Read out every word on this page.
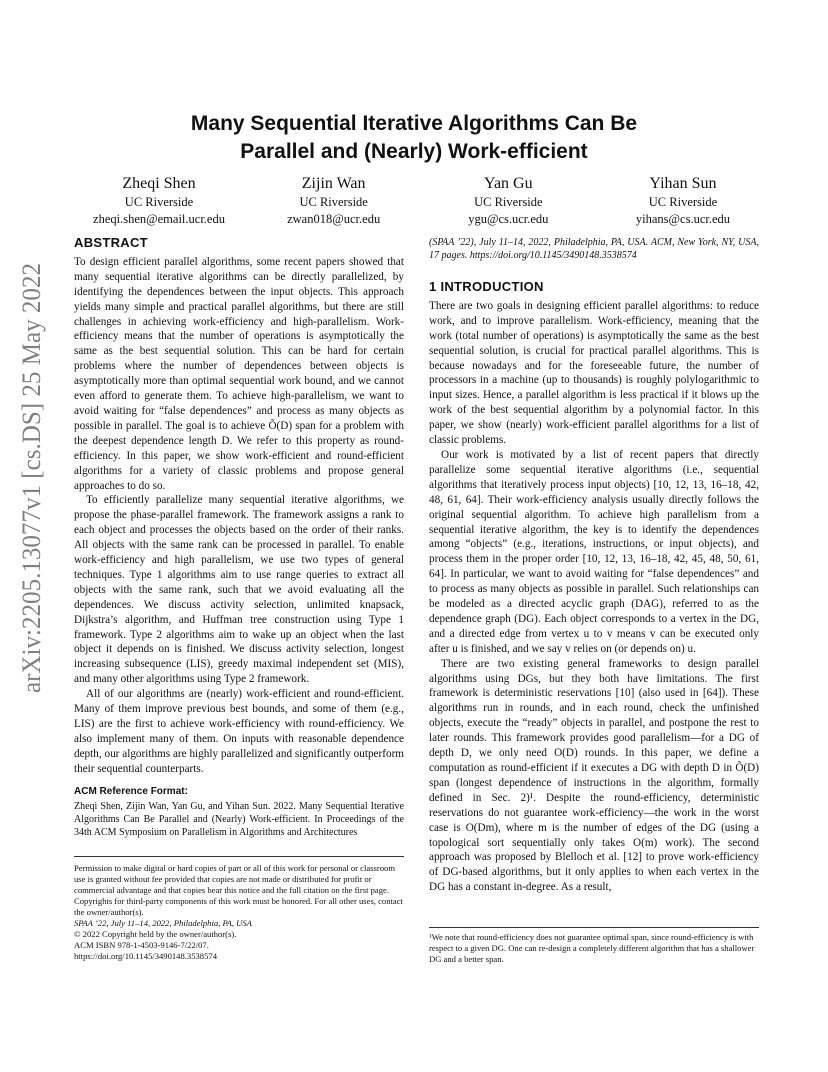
arXiv:2205.13077v1 [cs.DS] 25 May 2022
Many Sequential Iterative Algorithms Can Be
Parallel and (Nearly) Work-efficient
Zheqi Shen
UC Riverside
zheqi.shen@email.ucr.edu
Zijin Wan
UC Riverside
zwan018@ucr.edu
Yan Gu
UC Riverside
ygu@cs.ucr.edu
Yihan Sun
UC Riverside
yihans@cs.ucr.edu
ABSTRACT

To design efficient parallel algorithms, some recent papers showed that many sequential iterative algorithms can be directly parallelized, by identifying the dependences between the input objects. This approach yields many simple and practical parallel algorithms, but there are still challenges in achieving work-efficiency and high-parallelism. Work-efficiency means that the number of operations is asymptotically the same as the best sequential solution. This can be hard for certain problems where the number of dependences between objects is asymptotically more than optimal sequential work bound, and we cannot even afford to generate them. To achieve high-parallelism, we want to avoid waiting for “false dependences” and process as many objects as possible in parallel. The goal is to achieve Õ(D) span for a problem with the deepest dependence length D. We refer to this property as round-efficiency. In this paper, we show work-efficient and round-efficient algorithms for a variety of classic problems and propose general approaches to do so.

To efficiently parallelize many sequential iterative algorithms, we propose the phase-parallel framework. The framework assigns a rank to each object and processes the objects based on the order of their ranks. All objects with the same rank can be processed in parallel. To enable work-efficiency and high parallelism, we use two types of general techniques. Type 1 algorithms aim to use range queries to extract all objects with the same rank, such that we avoid evaluating all the dependences. We discuss activity selection, unlimited knapsack, Dijkstra’s algorithm, and Huffman tree construction using Type 1 framework. Type 2 algorithms aim to wake up an object when the last object it depends on is finished. We discuss activity selection, longest increasing subsequence (LIS), greedy maximal independent set (MIS), and many other algorithms using Type 2 framework.

All of our algorithms are (nearly) work-efficient and round-efficient. Many of them improve previous best bounds, and some of them (e.g., LIS) are the first to achieve work-efficiency with round-efficiency. We also implement many of them. On inputs with reasonable dependence depth, our algorithms are highly parallelized and significantly outperform their sequential counterparts.

ACM Reference Format:
Zheqi Shen, Zijin Wan, Yan Gu, and Yihan Sun. 2022. Many Sequential Iterative Algorithms Can Be Parallel and (Nearly) Work-efficient. In Proceedings of the 34th ACM Symposium on Parallelism in Algorithms and Architectures
Permission to make digital or hard copies of part or all of this work for personal or classroom use is granted without fee provided that copies are not made or distributed for profit or commercial advantage and that copies bear this notice and the full citation on the first page. Copyrights for third-party components of this work must be honored. For all other uses, contact the owner/author(s).
SPAA ’22, July 11–14, 2022, Philadelphia, PA, USA
© 2022 Copyright held by the owner/author(s).
ACM ISBN 978-1-4503-9146-7/22/07.
https://doi.org/10.1145/3490148.3538574
(SPAA ’22), July 11–14, 2022, Philadelphia, PA, USA. ACM, New York, NY, USA, 17 pages. https://doi.org/10.1145/3490148.3538574
1 INTRODUCTION

There are two goals in designing efficient parallel algorithms: to reduce work, and to improve parallelism. Work-efficiency, meaning that the work (total number of operations) is asymptotically the same as the best sequential solution, is crucial for practical parallel algorithms. This is because nowadays and for the foreseeable future, the number of processors in a machine (up to thousands) is roughly polylogarithmic to input sizes. Hence, a parallel algorithm is less practical if it blows up the work of the best sequential algorithm by a polynomial factor. In this paper, we show (nearly) work-efficient parallel algorithms for a list of classic problems.

Our work is motivated by a list of recent papers that directly parallelize some sequential iterative algorithms (i.e., sequential algorithms that iteratively process input objects) [10, 12, 13, 16–18, 42, 48, 61, 64]. Their work-efficiency analysis usually directly follows the original sequential algorithm. To achieve high parallelism from a sequential iterative algorithm, the key is to identify the dependences among “objects” (e.g., iterations, instructions, or input objects), and process them in the proper order [10, 12, 13, 16–18, 42, 45, 48, 50, 61, 64]. In particular, we want to avoid waiting for “false dependences” and to process as many objects as possible in parallel. Such relationships can be modeled as a directed acyclic graph (DAG), referred to as the dependence graph (DG). Each object corresponds to a vertex in the DG, and a directed edge from vertex u to v means v can be executed only after u is finished, and we say v relies on (or depends on) u.

There are two existing general frameworks to design parallel algorithms using DGs, but they both have limitations. The first framework is deterministic reservations [10] (also used in [64]). These algorithms run in rounds, and in each round, check the unfinished objects, execute the “ready” objects in parallel, and postpone the rest to later rounds. This framework provides good parallelism—for a DG of depth D, we only need O(D) rounds. In this paper, we define a computation as round-efficient if it executes a DG with depth D in Õ(D) span (longest dependence of instructions in the algorithm, formally defined in Sec. 2)¹. Despite the round-efficiency, deterministic reservations do not guarantee work-efficiency—the work in the worst case is O(Dm), where m is the number of edges of the DG (using a topological sort sequentially only takes O(m) work). The second approach was proposed by Blelloch et al. [12] to prove work-efficiency of DG-based algorithms, but it only applies to when each vertex in the DG has a constant in-degree. As a result,

¹We note that round-efficiency does not guarantee optimal span, since round-efficiency is with respect to a given DG. One can re-design a completely different algorithm that has a shallower DG and a better span.
